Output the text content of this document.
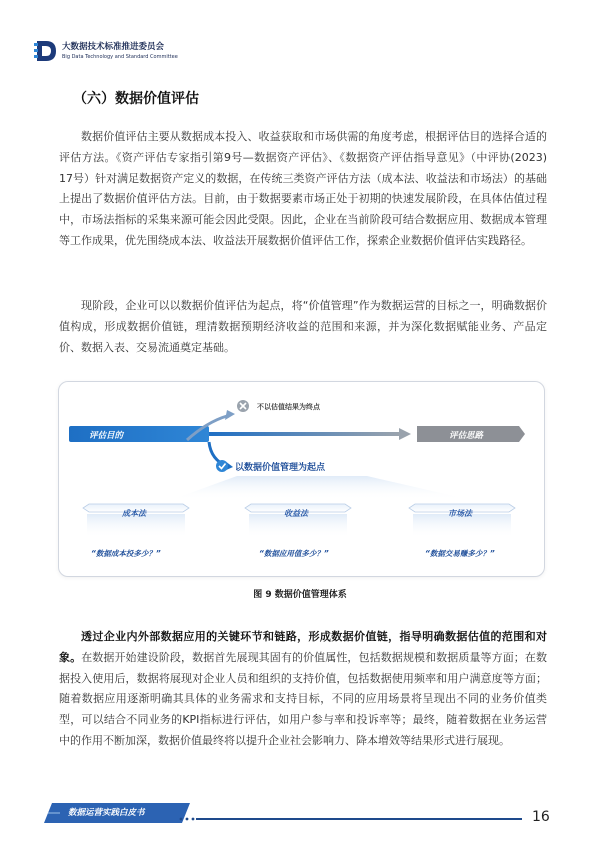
大数据技术标准推进委员会
Big Data Technology and Standard Committee
（六）数据价值评估

数据价值评估主要从数据成本投入、收益获取和市场供需的角度考虑，根据评估目的选择合适的评估方法。《资产评估专家指引第9号—数据资产评估》、《数据资产评估指导意见》（中评协(2023) 17号）针对满足数据资产定义的数据，在传统三类资产评估方法（成本法、收益法和市场法）的基础上提出了数据价值评估方法。目前，由于数据要素市场正处于初期的快速发展阶段，在具体估值过程中，市场法指标的采集来源可能会因此受限。因此，企业在当前阶段可结合数据应用、数据成本管理等工作成果，优先围绕成本法、收益法开展数据价值评估工作，探索企业数据价值评估实践路径。

现阶段，企业可以以数据价值评估为起点，将“价值管理”作为数据运营的目标之一，明确数据价值构成，形成数据价值链，理清数据预期经济收益的范围和来源，并为深化数据赋能业务、产品定价、数据入表、交易流通奠定基础。

评估目的	评估思路
不以估值结果为终点
以数据价值管理为起点
成本法	收益法	市场法
“数据成本投多少？”	“数据应用值多少？”	“数据交易赚多少？”
图 9 数据价值管理体系

透过企业内外部数据应用的关键环节和链路，形成数据价值链，指导明确数据估值的范围和对象。在数据开始建设阶段，数据首先展现其固有的价值属性，包括数据规模和数据质量等方面；在数据投入使用后，数据将展现对企业人员和组织的支持价值，包括数据使用频率和用户满意度等方面；随着数据应用逐渐明确其具体的业务需求和支持目标，不同的应用场景将呈现出不同的业务价值类型，可以结合不同业务的KPI指标进行评估，如用户参与率和投诉率等；最终，随着数据在业务运营中的作用不断加深，数据价值最终将以提升企业社会影响力、降本增效等结果形式进行展现。

数据运营实践白皮书	16
